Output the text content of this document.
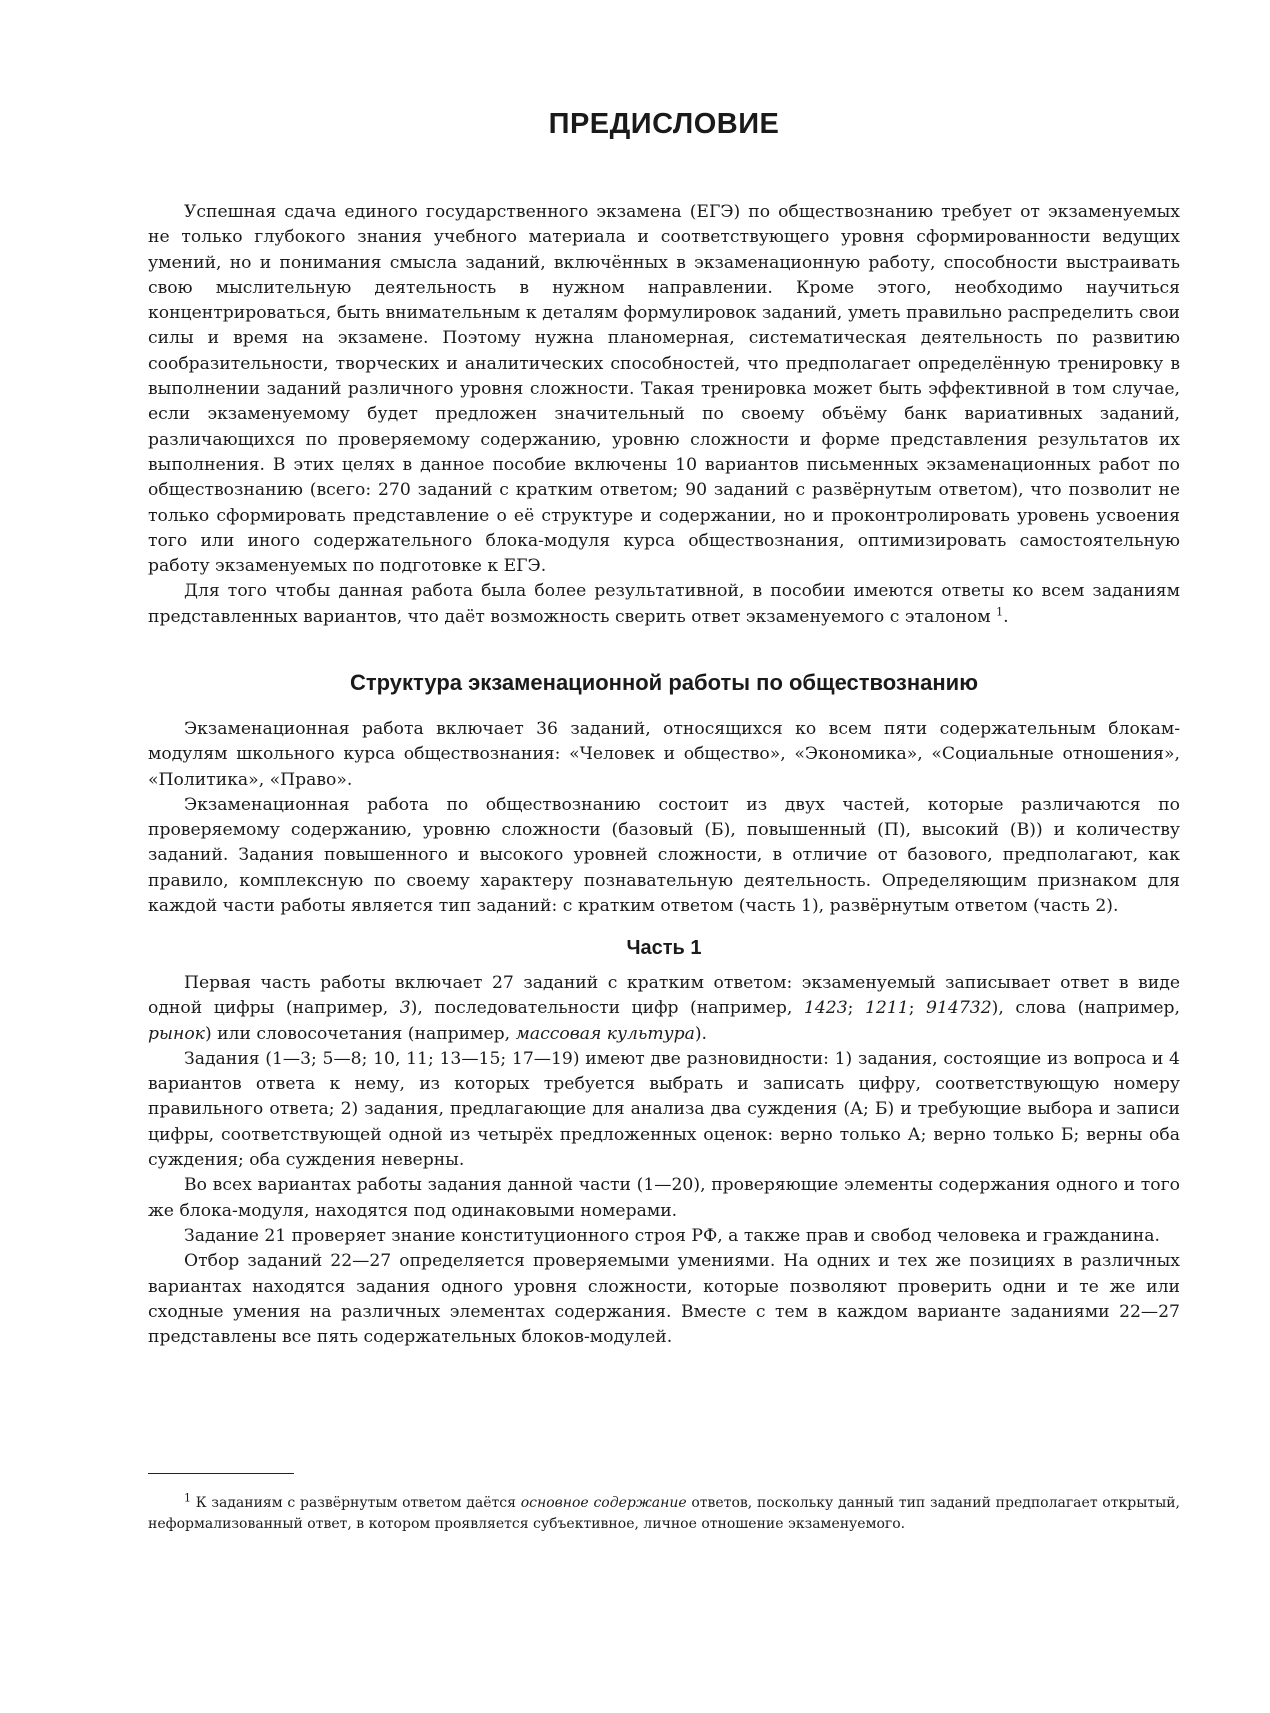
ПРЕДИСЛОВИЕ

Успешная сдача единого государственного экзамена (ЕГЭ) по обществознанию требует от экзаменуемых не только глубокого знания учебного материала и соответствующего уровня сформированности ведущих умений, но и понимания смысла заданий, включённых в экзаменационную работу, способности выстраивать свою мыслительную деятельность в нужном направлении. Кроме этого, необходимо научиться концентрироваться, быть внимательным к деталям формулировок заданий, уметь правильно распределить свои силы и время на экзамене. Поэтому нужна планомерная, систематическая деятельность по развитию сообразительности, творческих и аналитических способностей, что предполагает определённую тренировку в выполнении заданий различного уровня сложности. Такая тренировка может быть эффективной в том случае, если экзаменуемому будет предложен значительный по своему объёму банк вариативных заданий, различающихся по проверяемому содержанию, уровню сложности и форме представления результатов их выполнения. В этих целях в данное пособие включены 10 вариантов письменных экзаменационных работ по обществознанию (всего: 270 заданий с кратким ответом; 90 заданий с развёрнутым ответом), что позволит не только сформировать представление о её структуре и содержании, но и проконтролировать уровень усвоения того или иного содержательного блока-модуля курса обществознания, оптимизировать самостоятельную работу экзаменуемых по подготовке к ЕГЭ.

Для того чтобы данная работа была более результативной, в пособии имеются ответы ко всем заданиям представленных вариантов, что даёт возможность сверить ответ экзаменуемого с эталоном $^1$.

Структура экзаменационной работы по обществознанию

Экзаменационная работа включает 36 заданий, относящихся ко всем пяти содержательным блокам-модулям школьного курса обществознания: «Человек и общество», «Экономика», «Социальные отношения», «Политика», «Право».

Экзаменационная работа по обществознанию состоит из двух частей, которые различаются по проверяемому содержанию, уровню сложности (базовый (Б), повышенный (П), высокий (В)) и количеству заданий. Задания повышенного и высокого уровней сложности, в отличие от базового, предполагают, как правило, комплексную по своему характеру познавательную деятельность. Определяющим признаком для каждой части работы является тип заданий: с кратким ответом (часть 1), развёрнутым ответом (часть 2).

Часть 1

Первая часть работы включает 27 заданий с кратким ответом: экзаменуемый записывает ответ в виде одной цифры (например, 3), последовательности цифр (например, 1423; 1211; 914732), слова (например, рынок) или словосочетания (например, массовая культура).

Задания (1—3; 5—8; 10, 11; 13—15; 17—19) имеют две разновидности: 1) задания, состоящие из вопроса и 4 вариантов ответа к нему, из которых требуется выбрать и записать цифру, соответствующую номеру правильного ответа; 2) задания, предлагающие для анализа два суждения (А; Б) и требующие выбора и записи цифры, соответствующей одной из четырёх предложенных оценок: верно только А; верно только Б; верны оба суждения; оба суждения неверны.

Во всех вариантах работы задания данной части (1—20), проверяющие элементы содержания одного и того же блока-модуля, находятся под одинаковыми номерами.

Задание 21 проверяет знание конституционного строя РФ, а также прав и свобод человека и гражданина.

Отбор заданий 22—27 определяется проверяемыми умениями. На одних и тех же позициях в различных вариантах находятся задания одного уровня сложности, которые позволяют проверить одни и те же или сходные умения на различных элементах содержания. Вместе с тем в каждом варианте заданиями 22—27 представлены все пять содержательных блоков-модулей.

$^1$ К заданиям с развёрнутым ответом даётся основное содержание ответов, поскольку данный тип заданий предполагает открытый, неформализованный ответ, в котором проявляется субъективное, личное отношение экзаменуемого.
